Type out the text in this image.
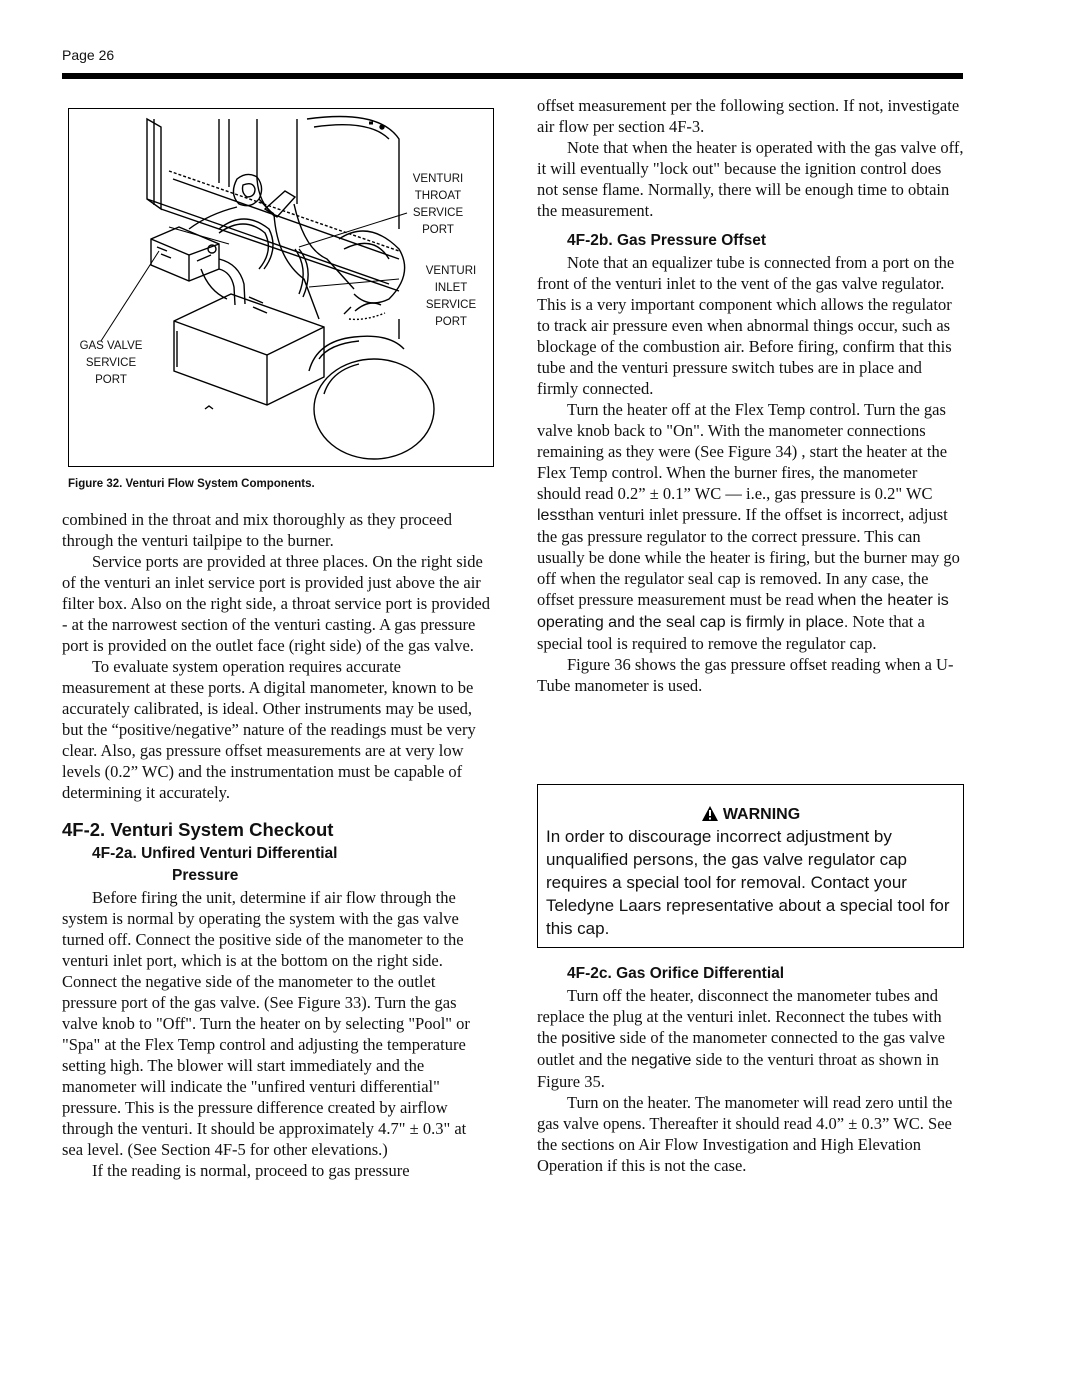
Page 26
VENTURI
THROAT
SERVICE
PORT
VENTURI
INLET
SERVICE
PORT
GAS VALVE
SERVICE
PORT
Figure 32. Venturi Flow System Components.

combined in the throat and mix thoroughly as they proceed through the venturi tailpipe to the burner.

Service ports are provided at three places. On the right side of the venturi an inlet service port is provided just above the air filter box. Also on the right side, a throat service port is provided - at the narrowest section of the venturi casting. A gas pressure port is provided on the outlet face (right side) of the gas valve.

To evaluate system operation requires accurate measurement at these ports. A digital manometer, known to be accurately calibrated, is ideal. Other instruments may be used, but the “positive/negative” nature of the readings must be very clear. Also, gas pressure offset measurements are at very low levels (0.2” WC) and the instrumentation must be capable of determining it accurately.

4F-2. Venturi System Checkout

4F-2a. Unfired Venturi Differential
Pressure

Before firing the unit, determine if air flow through the system is normal by operating the system with the gas valve turned off. Connect the positive side of the manometer to the venturi inlet port, which is at the bottom on the right side. Connect the negative side of the manometer to the outlet pressure port of the gas valve. (See Figure 33). Turn the gas valve knob to "Off". Turn the heater on by selecting "Pool" or "Spa" at the Flex Temp control and adjusting the temperature setting high. The blower will start immediately and the manometer will indicate the "unfired venturi differential" pressure. This is the pressure difference created by airflow through the venturi. It should be approximately 4.7" ± 0.3" at sea level. (See Section 4F-5 for other elevations.)

If the reading is normal, proceed to gas pressure

offset measurement per the following section. If not, investigate air flow per section 4F-3.

Note that when the heater is operated with the gas valve off, it will eventually "lock out" because the ignition control does not sense flame. Normally, there will be enough time to obtain the measurement.

4F-2b. Gas Pressure Offset

Note that an equalizer tube is connected from a port on the front of the venturi inlet to the vent of the gas valve regulator. This is a very important component which allows the regulator to track air pressure even when abnormal things occur, such as blockage of the combustion air. Before firing, confirm that this tube and the venturi pressure switch tubes are in place and firmly connected.

Turn the heater off at the Flex Temp control. Turn the gas valve knob back to "On". With the manometer connections remaining as they were (See Figure 34) , start the heater at the Flex Temp control. When the burner fires, the manometer should read 0.2” ± 0.1” WC — i.e., gas pressure is 0.2" WC lessthan venturi inlet pressure. If the offset is incorrect, adjust the gas pressure regulator to the correct pressure. This can usually be done while the heater is firing, but the burner may go off when the regulator seal cap is removed. In any case, the offset pressure measurement must be read when the heater is operating and the seal cap is firmly in place. Note that a special tool is required to remove the regulator cap.

Figure 36 shows the gas pressure offset reading when a U-Tube manometer is used.

WARNING
In order to discourage incorrect adjustment by unqualified persons, the gas valve regulator cap requires a special tool for removal. Contact your Teledyne Laars representative about a special tool for this cap.

4F-2c. Gas Orifice Differential

Turn off the heater, disconnect the manometer tubes and replace the plug at the venturi inlet. Reconnect the tubes with the positive side of the manometer connected to the gas valve outlet and the negative side to the venturi throat as shown in Figure 35.

Turn on the heater. The manometer will read zero until the gas valve opens. Thereafter it should read 4.0” ± 0.3” WC. See the sections on Air Flow Investigation and High Elevation Operation if this is not the case.
